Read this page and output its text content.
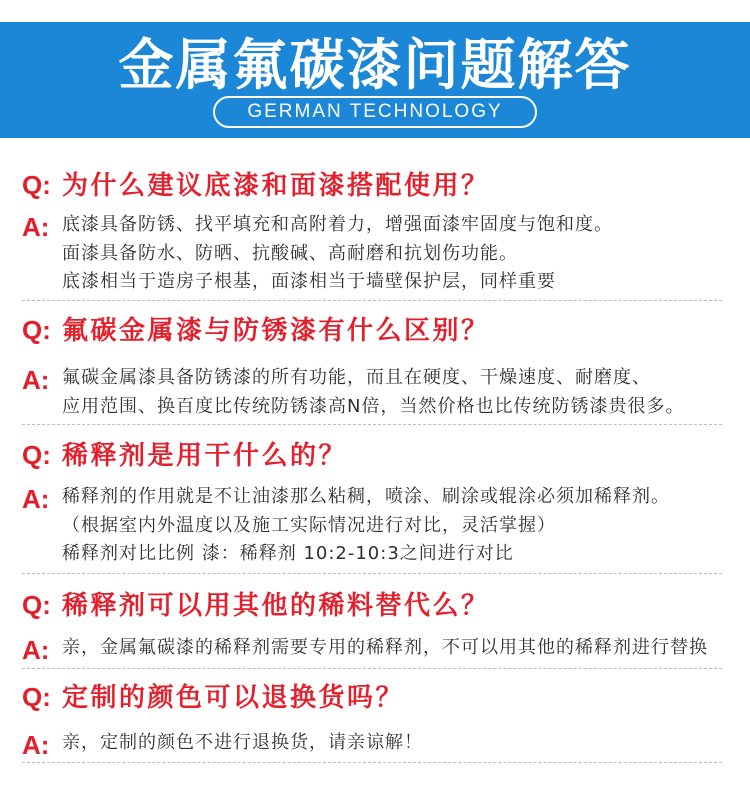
金属氟碳漆问题解答
GERMAN TECHNOLOGY
Q: 为什么建议底漆和面漆搭配使用？
A: 底漆具备防锈、找平填充和高附着力，增强面漆牢固度与饱和度。
面漆具备防水、防晒、抗酸碱、高耐磨和抗划伤功能。
底漆相当于造房子根基，面漆相当于墙壁保护层，同样重要
Q: 氟碳金属漆与防锈漆有什么区别？
A: 氟碳金属漆具备防锈漆的所有功能，而且在硬度、干燥速度、耐磨度、
应用范围、换百度比传统防锈漆高N倍，当然价格也比传统防锈漆贵很多。
Q: 稀释剂是用干什么的？
A: 稀释剂的作用就是不让油漆那么粘稠，喷涂、刷涂或辊涂必须加稀释剂。
（根据室内外温度以及施工实际情况进行对比，灵活掌握）
稀释剂对比比例 漆：稀释剂 10:2-10:3之间进行对比
Q: 稀释剂可以用其他的稀料替代么？
A: 亲，金属氟碳漆的稀释剂需要专用的稀释剂，不可以用其他的稀释剂进行替换
Q: 定制的颜色可以退换货吗？
A: 亲，定制的颜色不进行退换货，请亲谅解！
